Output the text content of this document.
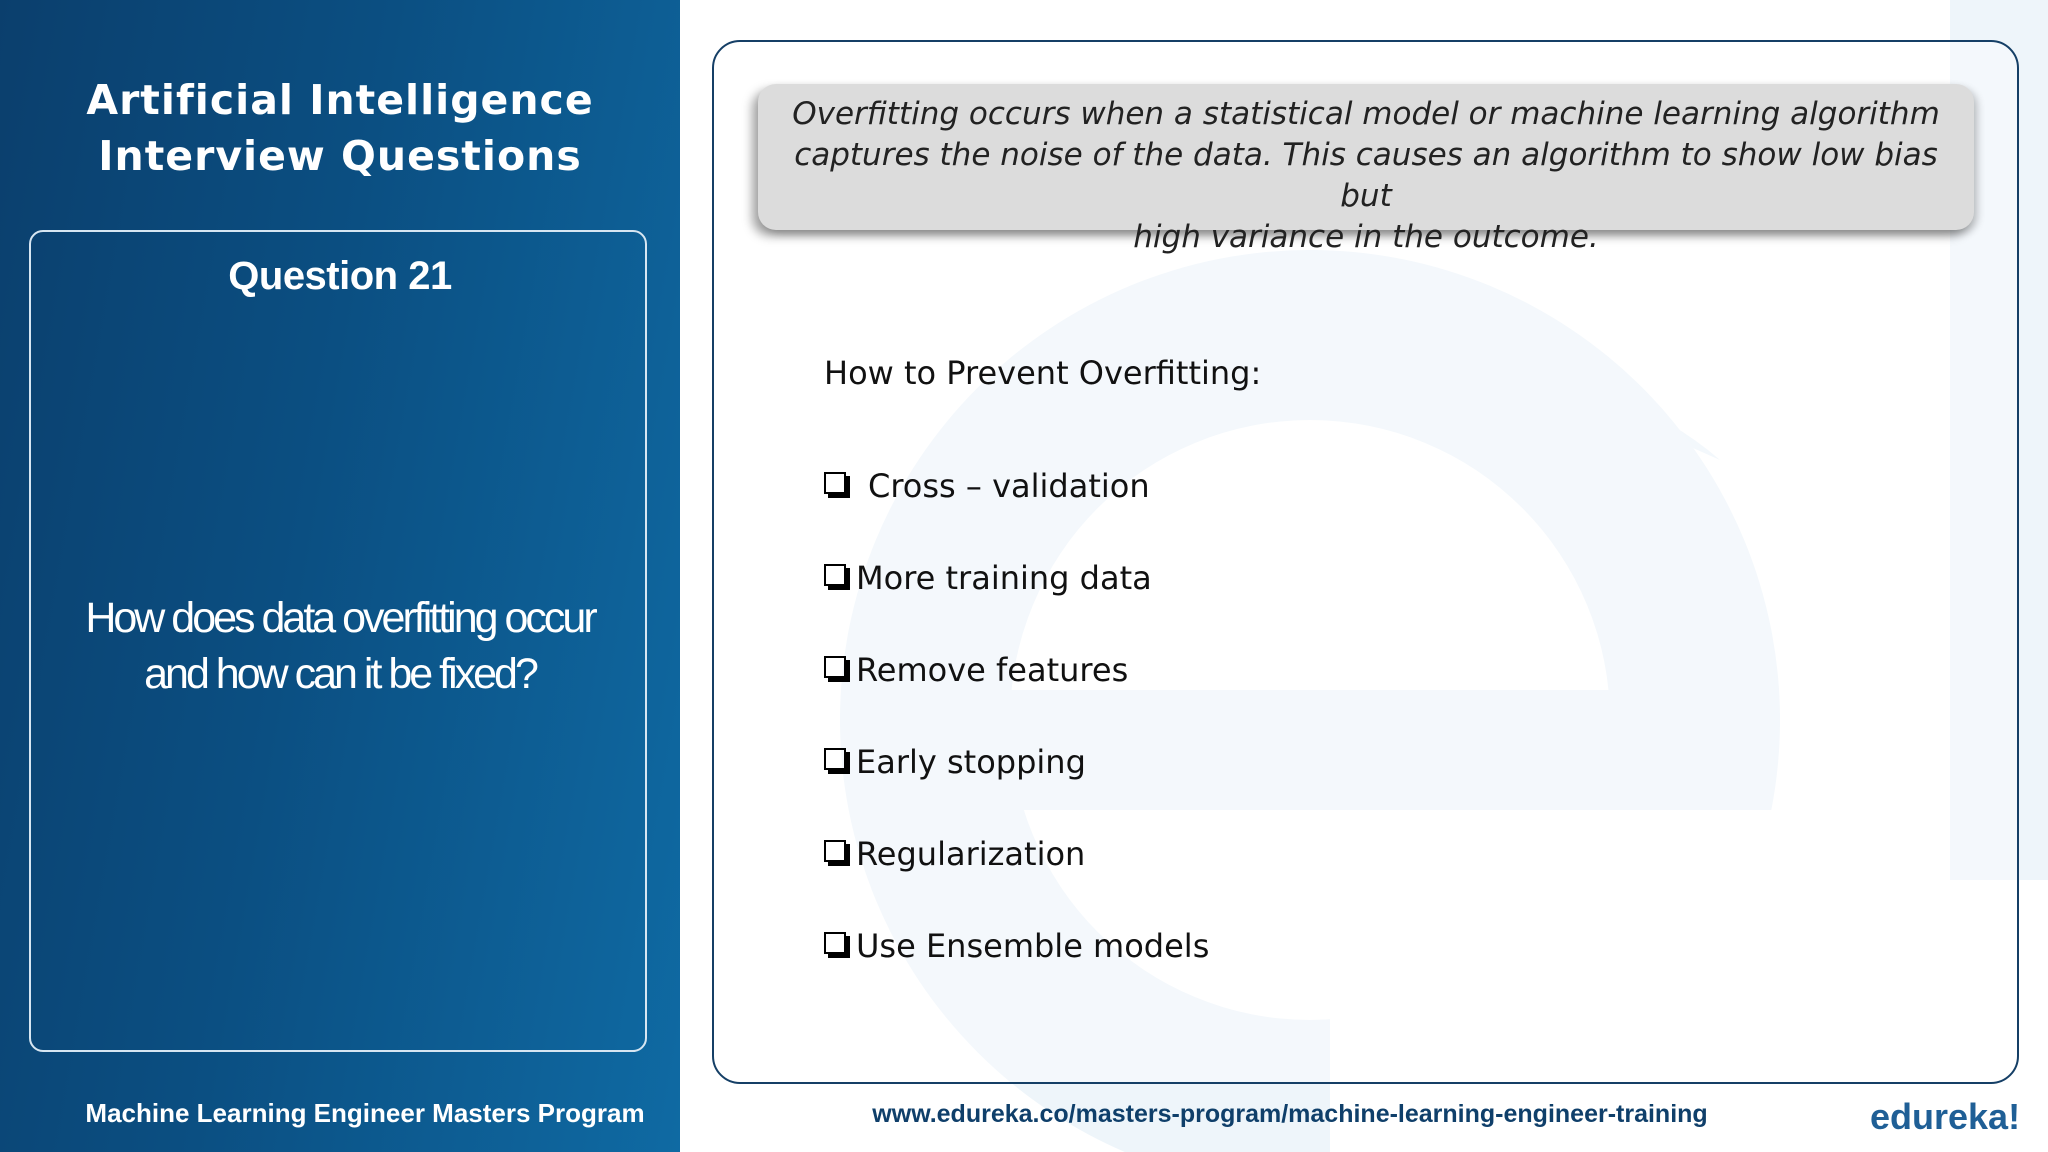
Artificial Intelligence
Interview Questions
Question 21
How does data overfitting occur
and how can it be fixed?
Machine Learning Engineer Masters Program
Overfitting occurs when a statistical model or machine learning algorithm
captures the noise of the data. This causes an algorithm to show low bias but
high variance in the outcome.
How to Prevent Overfitting:
Cross – validation
More training data
Remove features
Early stopping
Regularization
Use Ensemble models
www.edureka.co/masters-program/machine-learning-engineer-training	edureka!
